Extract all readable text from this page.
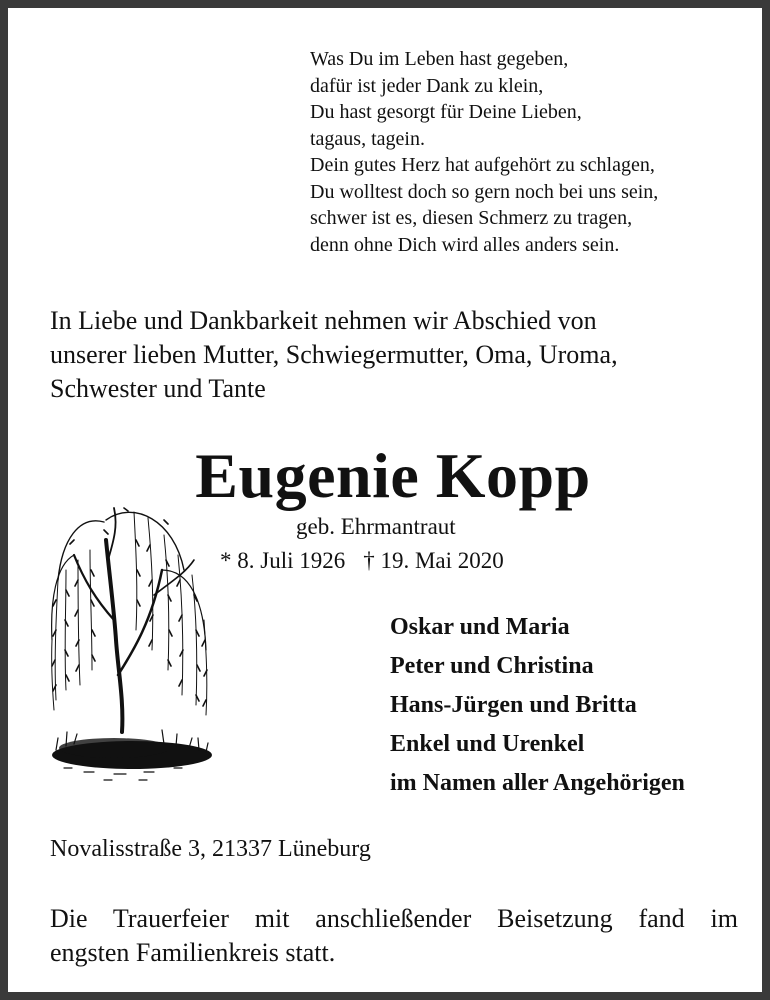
Was Du im Leben hast gegeben,
dafür ist jeder Dank zu klein,
Du hast gesorgt für Deine Lieben,
tagaus, tagein.
Dein gutes Herz hat aufgehört zu schlagen,
Du wolltest doch so gern noch bei uns sein,
schwer ist es, diesen Schmerz zu tragen,
denn ohne Dich wird alles anders sein.
In Liebe und Dankbarkeit nehmen wir Abschied von
unserer lieben Mutter, Schwiegermutter, Oma, Uroma,
Schwester und Tante
Eugenie Kopp
geb. Ehrmantraut
* 8. Juli 1926 † 19. Mai 2020
Oskar und Maria
Peter und Christina
Hans-Jürgen und Britta
Enkel und Urenkel
im Namen aller Angehörigen
Novalisstraße 3, 21337 Lüneburg
Die Trauerfeier mit anschließender Beisetzung fand im
engsten Familienkreis statt.
